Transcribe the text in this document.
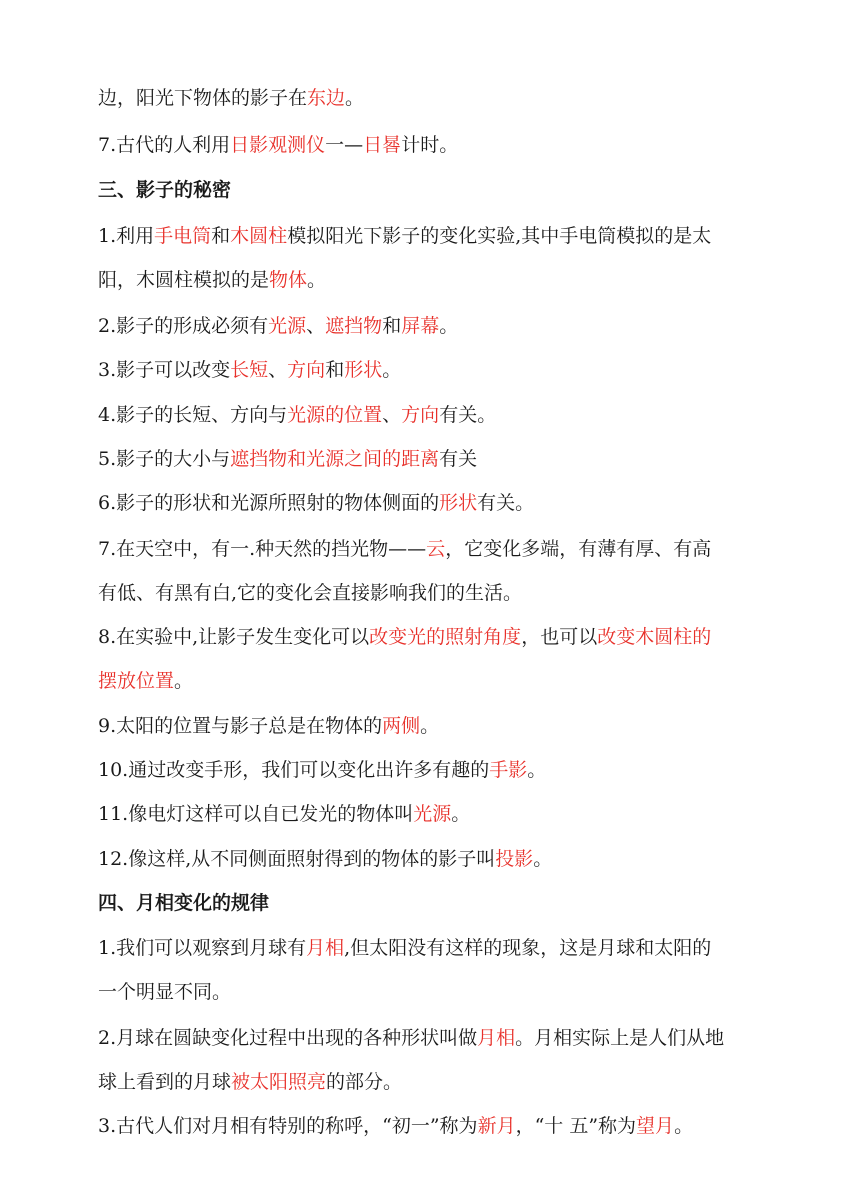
边，阳光下物体的影子在东边。
7.古代的人利用日影观测仪一—日晷计时。
三、影子的秘密
1.利用手电筒和木圆柱模拟阳光下影子的变化实验,其中手电筒模拟的是太
阳，木圆柱模拟的是物体。
2.影子的形成必须有光源、遮挡物和屏幕。
3.影子可以改变长短、方向和形状。
4.影子的长短、方向与光源的位置、方向有关。
5.影子的大小与遮挡物和光源之间的距离有关
6.影子的形状和光源所照射的物体侧面的形状有关。
7.在天空中，有一.种天然的挡光物——云，它变化多端，有薄有厚、有高
有低、有黑有白,它的变化会直接影响我们的生活。
8.在实验中,让影子发生变化可以改变光的照射角度，也可以改变木圆柱的
摆放位置。
9.太阳的位置与影子总是在物体的两侧。
10.通过改变手形，我们可以变化出许多有趣的手影。
11.像电灯这样可以自已发光的物体叫光源。
12.像这样,从不同侧面照射得到的物体的影子叫投影。
四、月相变化的规律
1.我们可以观察到月球有月相,但太阳没有这样的现象，这是月球和太阳的
一个明显不同。
2.月球在圆缺变化过程中出现的各种形状叫做月相。月相实际上是人们从地
球上看到的月球被太阳照亮的部分。
3.古代人们对月相有特别的称呼，“初一”称为新月，“十 五”称为望月。
